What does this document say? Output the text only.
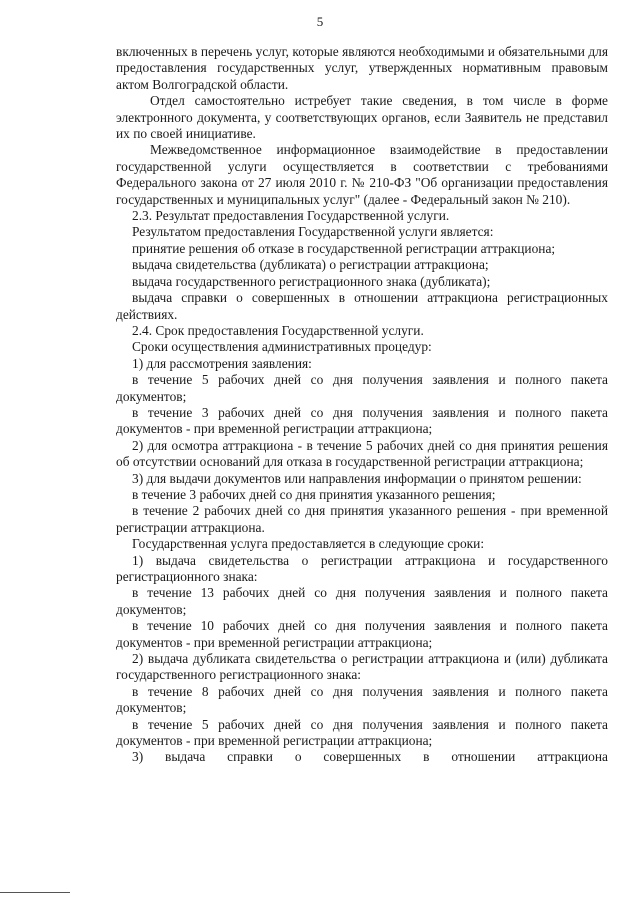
5

включенных в перечень услуг, которые являются необходимыми и обязательными для предоставления государственных услуг, утвержденных нормативным правовым актом Волгоградской области.

Отдел самостоятельно истребует такие сведения, в том числе в форме электронного документа, у соответствующих органов, если Заявитель не представил их по своей инициативе.

Межведомственное информационное взаимодействие в предоставлении государственной услуги осуществляется в соответствии с требованиями Федерального закона от 27 июля 2010 г. № 210-ФЗ "Об организации предоставления государственных и муниципальных услуг" (далее - Федеральный закон № 210).

2.3. Результат предоставления Государственной услуги.

Результатом предоставления Государственной услуги является:

принятие решения об отказе в государственной регистрации аттракциона;

выдача свидетельства (дубликата) о регистрации аттракциона;

выдача государственного регистрационного знака (дубликата);

выдача справки о совершенных в отношении аттракциона регистрационных действиях.

2.4. Срок предоставления Государственной услуги.

Сроки осуществления административных процедур:

1) для рассмотрения заявления:

в течение 5 рабочих дней со дня получения заявления и полного пакета документов;

в течение 3 рабочих дней со дня получения заявления и полного пакета документов - при временной регистрации аттракциона;

2) для осмотра аттракциона - в течение 5 рабочих дней со дня принятия решения об отсутствии оснований для отказа в государственной регистрации аттракциона;

3) для выдачи документов или направления информации о принятом решении:

в течение 3 рабочих дней со дня принятия указанного решения;

в течение 2 рабочих дней со дня принятия указанного решения - при временной регистрации аттракциона.

Государственная услуга предоставляется в следующие сроки:

1) выдача свидетельства о регистрации аттракциона и государственного регистрационного знака:

в течение 13 рабочих дней со дня получения заявления и полного пакета документов;

в течение 10 рабочих дней со дня получения заявления и полного пакета документов - при временной регистрации аттракциона;

2) выдача дубликата свидетельства о регистрации аттракциона и (или) дубликата государственного регистрационного знака:

в течение 8 рабочих дней со дня получения заявления и полного пакета документов;

в течение 5 рабочих дней со дня получения заявления и полного пакета документов - при временной регистрации аттракциона;

3) выдача справки о совершенных в отношении аттракциона
